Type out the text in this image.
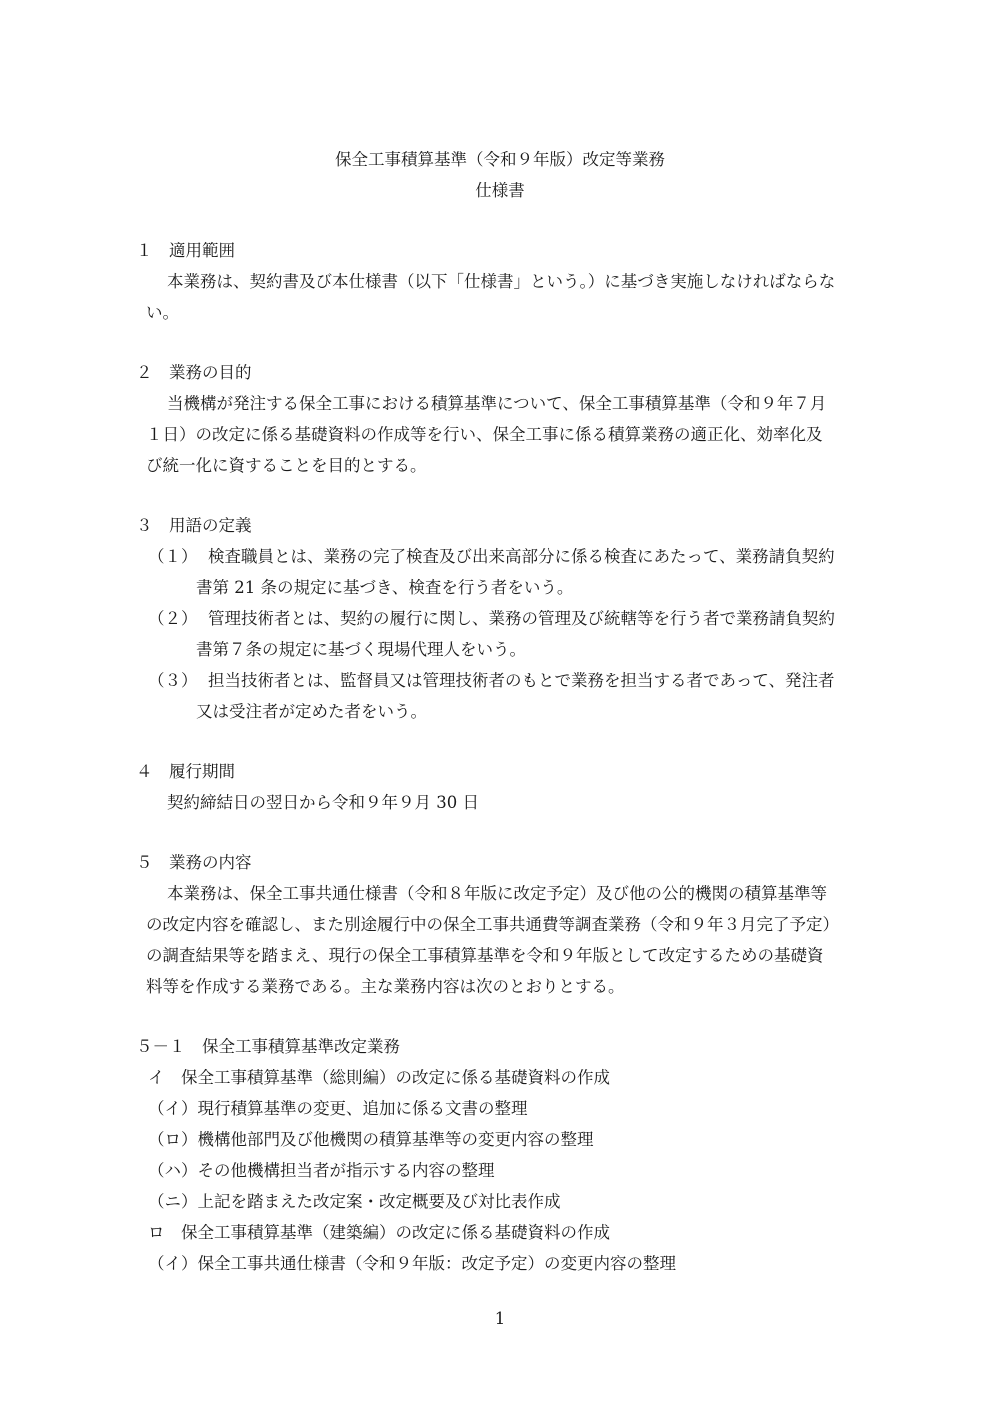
保全工事積算基準（令和９年版）改定等業務
仕様書
１　適用範囲
本業務は、契約書及び本仕様書（以下「仕様書」という。）に基づき実施しなければならな
い。
２　業務の目的
当機構が発注する保全工事における積算基準について、保全工事積算基準（令和９年７月
１日）の改定に係る基礎資料の作成等を行い、保全工事に係る積算業務の適正化、効率化及
び統一化に資することを目的とする。
３　用語の定義
（１） 検査職員とは、業務の完了検査及び出来高部分に係る検査にあたって、業務請負契約
書第 21 条の規定に基づき、検査を行う者をいう。
（２） 管理技術者とは、契約の履行に関し、業務の管理及び統轄等を行う者で業務請負契約
書第７条の規定に基づく現場代理人をいう。
（３） 担当技術者とは、監督員又は管理技術者のもとで業務を担当する者であって、発注者
又は受注者が定めた者をいう。
４　履行期間
契約締結日の翌日から令和９年９月 30 日
５　業務の内容
本業務は、保全工事共通仕様書（令和８年版に改定予定）及び他の公的機関の積算基準等
の改定内容を確認し、また別途履行中の保全工事共通費等調査業務（令和９年３月完了予定）
の調査結果等を踏まえ、現行の保全工事積算基準を令和９年版として改定するための基礎資
料等を作成する業務である。主な業務内容は次のとおりとする。
５－１　保全工事積算基準改定業務
イ　保全工事積算基準（総則編）の改定に係る基礎資料の作成
（イ）現行積算基準の変更、追加に係る文書の整理
（ロ）機構他部門及び他機関の積算基準等の変更内容の整理
（ハ）その他機構担当者が指示する内容の整理
（ニ）上記を踏まえた改定案・改定概要及び対比表作成
ロ　保全工事積算基準（建築編）の改定に係る基礎資料の作成
（イ）保全工事共通仕様書（令和９年版：改定予定）の変更内容の整理
1
